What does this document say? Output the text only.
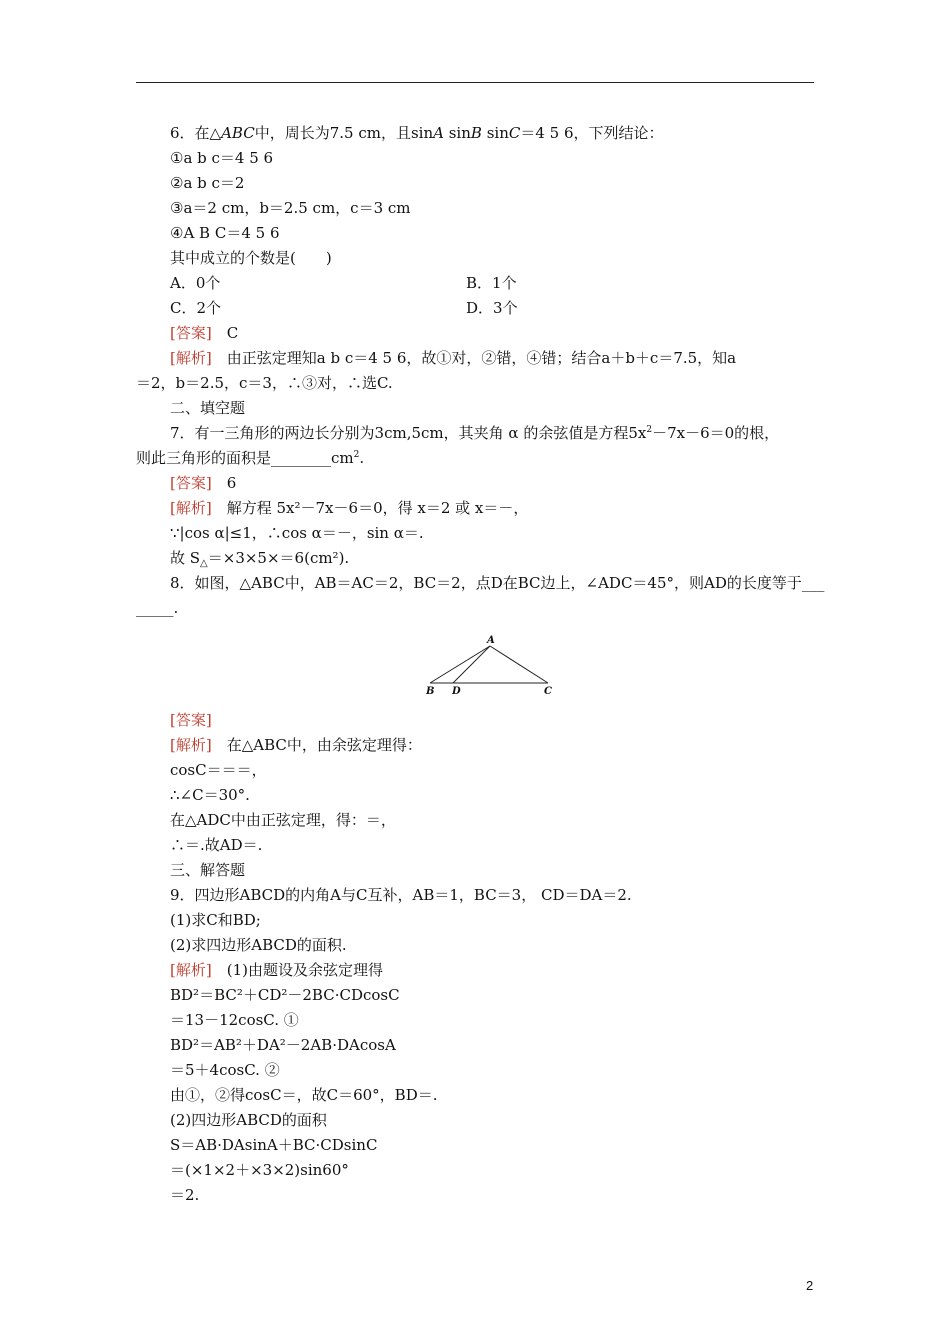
6．在△ABC中，周长为7.5 cm，且sinA sinB sinC＝4 5 6，下列结论：
①a b c＝4 5 6
②a b c＝2
③a＝2 cm，b＝2.5 cm，c＝3 cm
④A B C＝4 5 6
其中成立的个数是(　　)
A．0个	B．1个
C．2个	D．3个
[答案]　 C
[解析]　 由正弦定理知a b c＝4 5 6，故①对，②错，④错；结合a＋b＋c＝7.5，知a
＝2，b＝2.5，c＝3，∴③对，∴选C.
二、填空题
7．有一三角形的两边长分别为3cm,5cm，其夹角 α 的余弦值是方程$5x^2-7x-6=0$的根，
则此三角形的面积是$\_\_\_\_\_\_\_\_cm^2$.
[答案]　 6
[解析]　 解方程 5x²－7x－6＝0，得 x＝2 或 x＝－，
∵|cos α|≤1，∴cos α＝－，sin α＝.
故 $S_\triangle=\times 3\times 5\times=6(cm^2)$.
8．如图，△ABC中，AB＝AC＝2，BC＝2，点D在BC边上，∠ADC＝45°，则AD的长度等于___
_____.
A
B D	C
[答案]
[解析]　 在△ABC中，由余弦定理得：
cosC＝＝＝，
∴∠C＝30°.
在△ADC中由正弦定理，得：＝，
∴＝.故AD＝.
三、解答题
9．四边形ABCD的内角A与C互补，AB＝1，BC＝3， CD＝DA＝2.
(1)求C和BD;
(2)求四边形ABCD的面积.
[解析]　 (1)由题设及余弦定理得
BD²＝BC²＋CD²－2BC·CDcosC
＝13－12cosC. ①
BD²＝AB²＋DA²－2AB·DAcosA
＝5＋4cosC. ②
由①，②得cosC＝，故C＝60°，BD＝.
(2)四边形ABCD的面积
S＝AB·DAsinA＋BC·CDsinC
＝(×1×2＋×3×2)sin60°
＝2.
2
